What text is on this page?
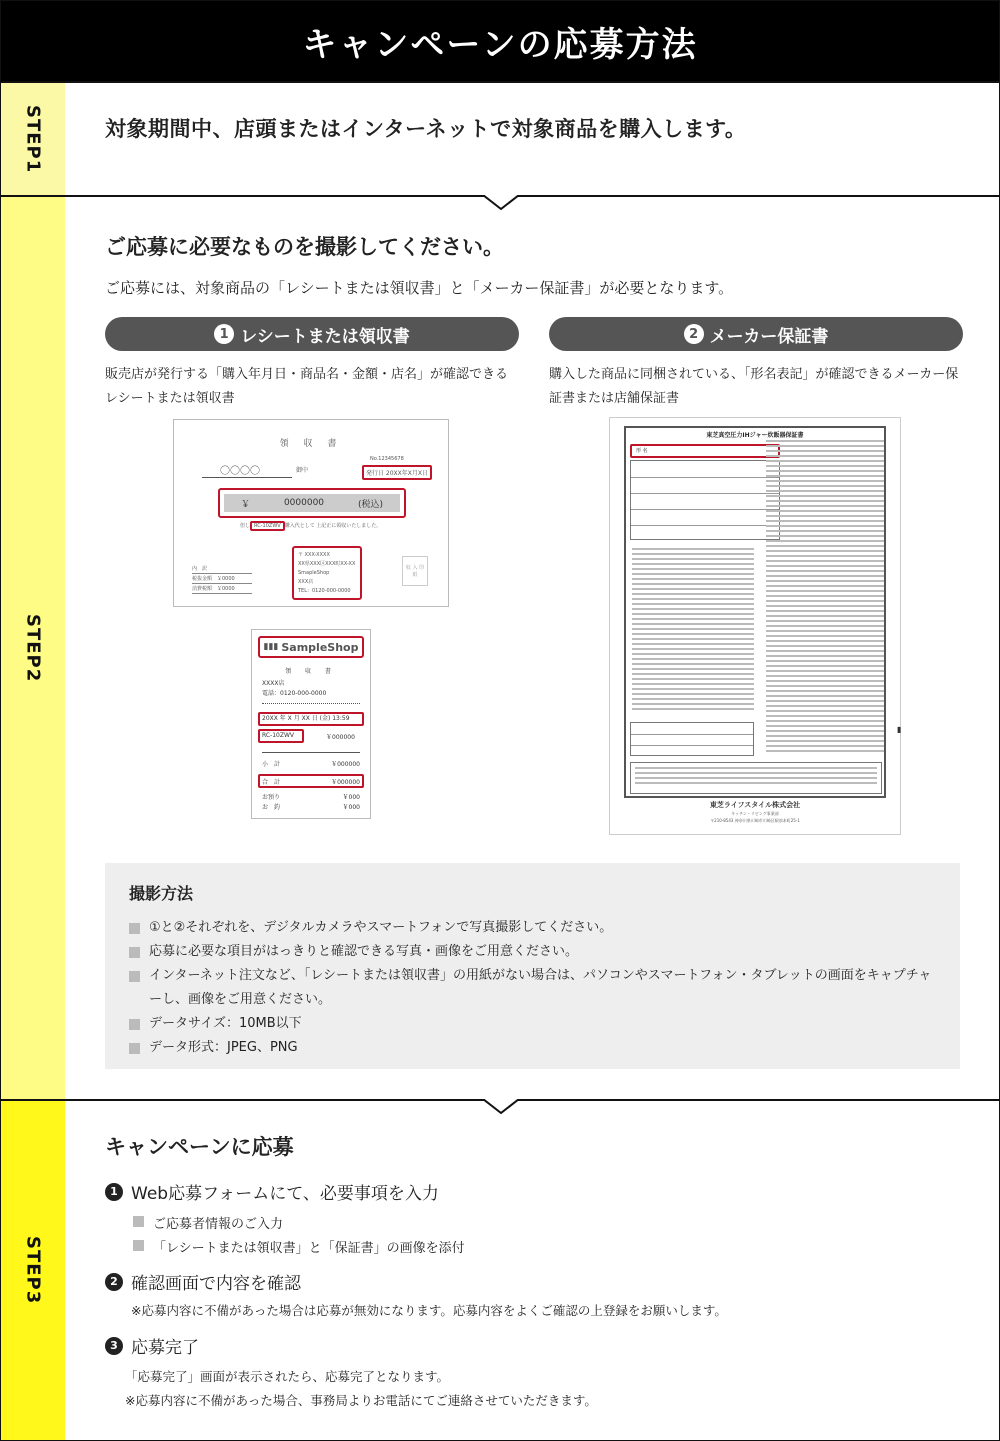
キャンペーンの応募方法
STEP1	対象期間中、店頭またはインターネットで対象商品を購入します。
STEP2
ご応募に必要なものを撮影してください。
ご応募には、対象商品の「レシートまたは領収書」と「メーカー保証書」が必要となります。
1 レシートまたは領収書	2 メーカー保証書
販売店が発行する「購入年月日・商品名・金額・店名」が確認できるレシートまたは領収書
購入した商品に同梱されている、「形名表記」が確認できるメーカー保証書または店舗保証書
領 収 書
〇〇〇〇	御中
No.12345678
発行日 20XX年X月X日
￥	0000000	(税込)
但し RC-10ZWV 購入代として 上記正に領収いたしました。
内　訳
税抜金額　￥0000
消費税額　￥0000
〒 XXX-XXXX
XX県XXX区XXX町XX-XX
SmapleShop
XXX店
TEL：0120-000-0000
収 入 印 紙
▮▮▮ SampleShop
領 収 書
XXXX店
電話：0120-000-0000
20XX 年 X 月 XX 日 (金) 13:59
RC-10ZWV	￥000000
小　計	￥000000
合　計	￥000000
お預り	￥000
お　釣	￥000
東芝真空圧力IHジャー炊飯器保証書
形 名
東芝ライフスタイル株式会社
キッチン・リビング事業部
〒210-8543 神奈川県川崎市川崎区駅前本町25-1
▮
撮影方法
①と②それぞれを、デジタルカメラやスマートフォンで写真撮影してください。
応募に必要な項目がはっきりと確認できる写真・画像をご用意ください。
インターネット注文など、「レシートまたは領収書」の用紙がない場合は、パソコンやスマートフォン・タブレットの画面をキャプチャーし、画像をご用意ください。
データサイズ：10MB以下
データ形式：JPEG、PNG
STEP3
キャンペーンに応募
1 Web応募フォームにて、必要事項を入力
ご応募者情報のご入力
「レシートまたは領収書」と「保証書」の画像を添付
2 確認画面で内容を確認
※応募内容に不備があった場合は応募が無効になります。応募内容をよくご確認の上登録をお願いします。
3 応募完了
「応募完了」画面が表示されたら、応募完了となります。
※応募内容に不備があった場合、事務局よりお電話にてご連絡させていただきます。
